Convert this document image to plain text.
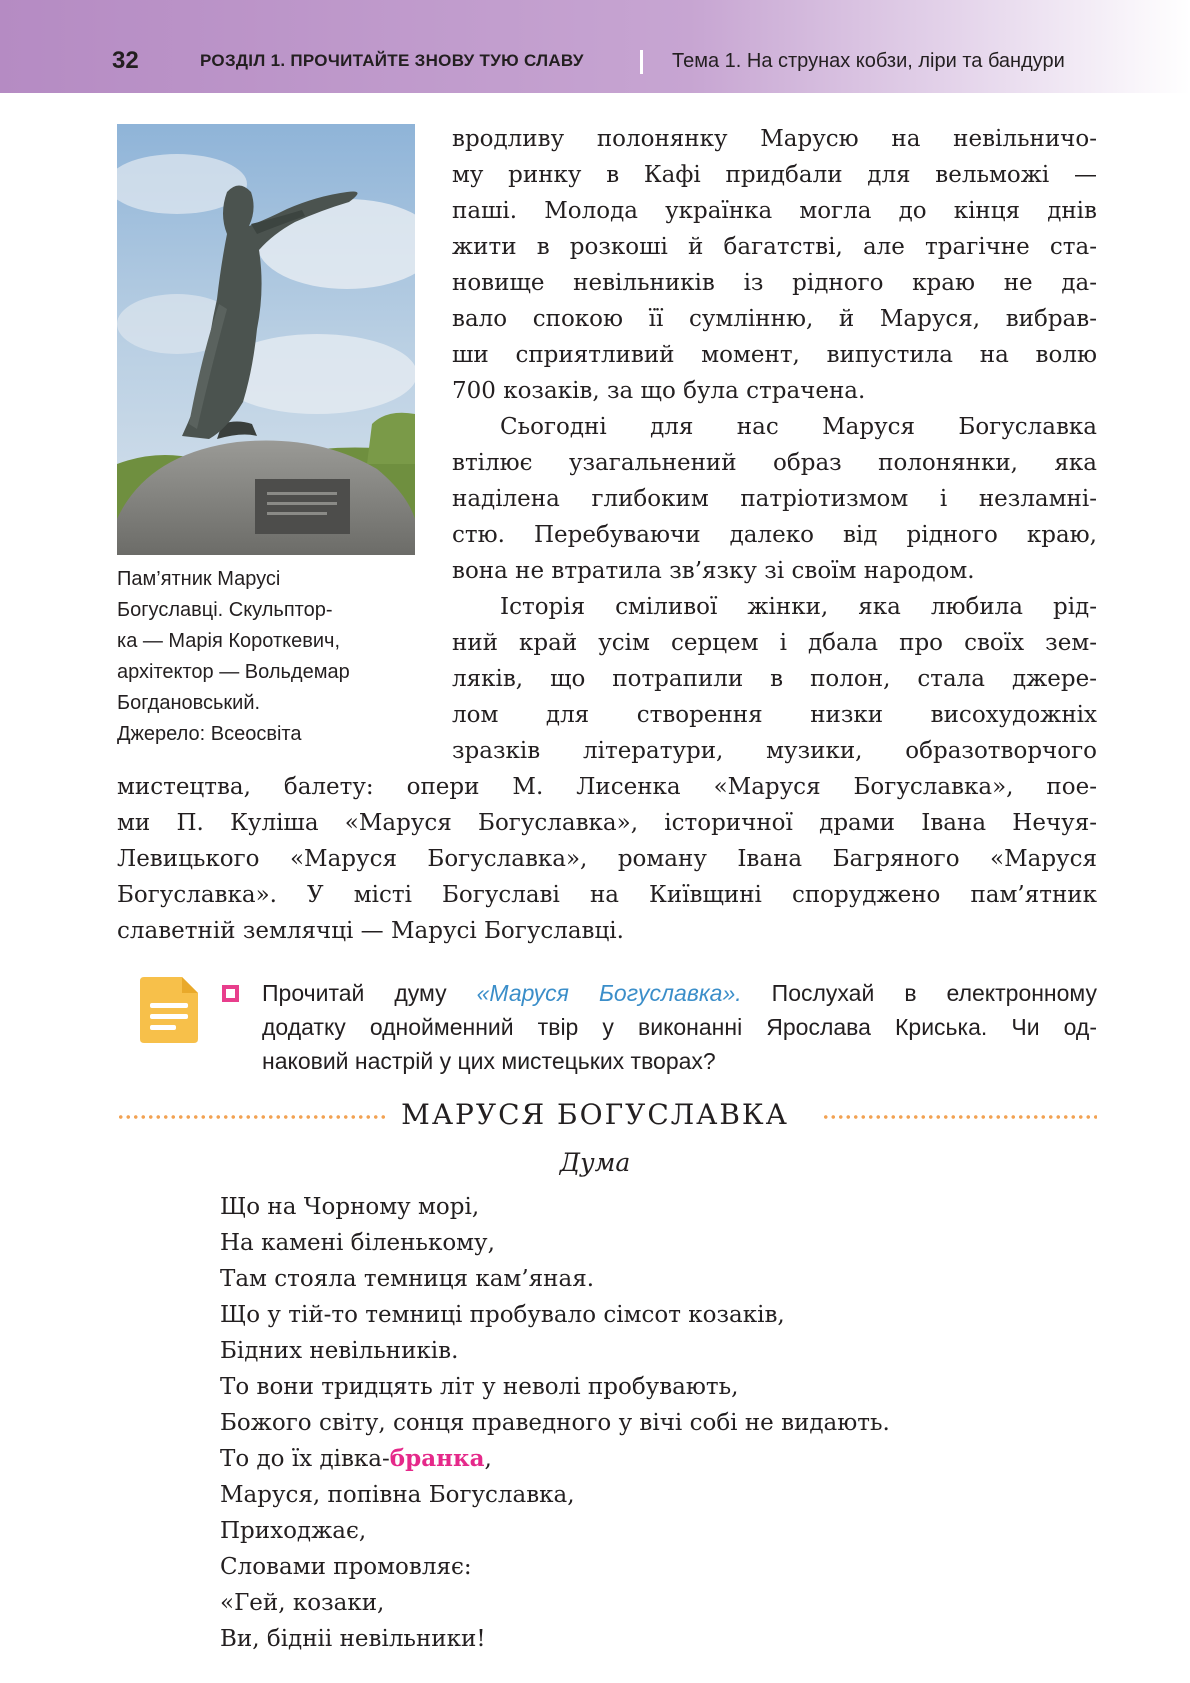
32	РОЗДІЛ 1. ПРОЧИТАЙТЕ ЗНОВУ ТУЮ СЛАВУ	Тема 1. На струнах кобзи, ліри та бандури
Пам’ятник Марусі
Богуславці. Скульптор-
ка — Марія Короткевич,
архітектор — Вольдемар
Богдановський.
Джерело: Всеосвіта
вродливу полонянку Марусю на невільничо-
му ринку в Кафі придбали для вельможі —
паші. Молода українка могла до кінця днів
жити в розкоші й багатстві, але трагічне ста-
новище невільників із рідного краю не да-
вало спокою її сумлінню, й Маруся, вибрав-
ши сприятливий момент, випустила на волю
700 козаків, за що була страчена.
Сьогодні для нас Маруся Богуславка
втілює узагальнений образ полонянки, яка
наділена глибоким патріотизмом і незламні-
стю. Перебуваючи далеко від рідного краю,
вона не втратила зв’язку зі своїм народом.
Історія сміливої жінки, яка любила рід-
ний край усім серцем і дбала про своїх зем-
ляків, що потрапили в полон, стала джере-
лом для створення низки висохудожніх
зразків літератури, музики, образотворчого
мистецтва, балету: опери М. Лисенка «Маруся Богуславка», пое-
ми П. Куліша «Маруся Богуславка», історичної драми Івана Нечуя-
Левицького «Маруся Богуславка», роману Івана Багряного «Маруся
Богуславка». У місті Богуславі на Київщині споруджено пам’ятник
славетній землячці — Марусі Богуславці.
Прочитай думу «Маруся Богуславка». Послухай в електронному
додатку однойменний твір у виконанні Ярослава Криська. Чи од-
наковий настрій у цих мистецьких творах?
МАРУСЯ БОГУСЛАВКА
Дума
Що на Чорному морі,
На камені біленькому,
Там стояла темниця кам’яная.
Що у тій-то темниці пробувало сімсот козаків,
Бідних невільників.
То вони тридцять літ у неволі пробувають,
Божого світу, сонця праведного у вічі собі не видають.
То до їх дівка-бранка,
Маруся, попівна Богуславка,
Приходжає,
Словами промовляє:
«Гей, козаки,
Ви, бідніі невільники!
